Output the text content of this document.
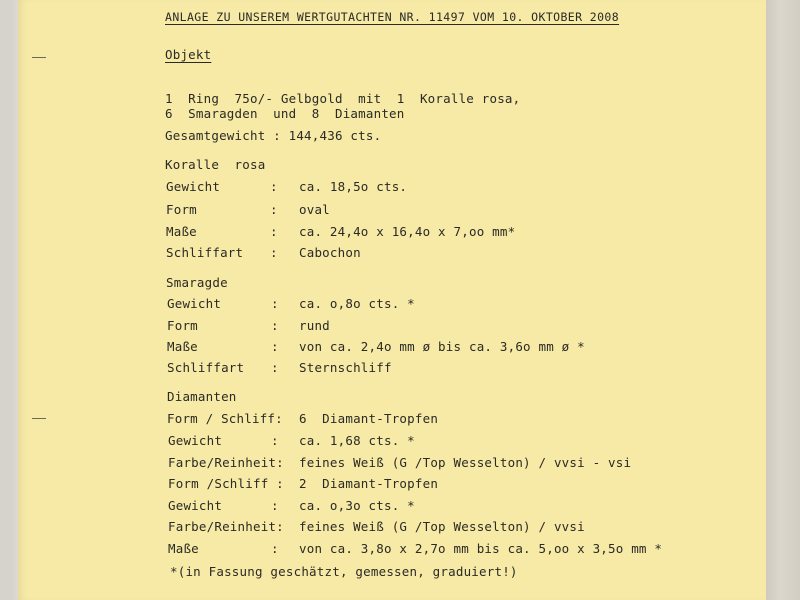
ANLAGE ZU UNSEREM WERTGUTACHTEN NR. 11497 VOM 10. OKTOBER 2008
Objekt
1  Ring  75o/- Gelbgold  mit  1  Koralle rosa,
6  Smaragden  und  8  Diamanten
Gesamtgewicht : 144,436 cts.
Koralle  rosa
Gewicht	: ca. 18,5o cts.
Form	: oval
Maße	: ca. 24,4o x 16,4o x 7,oo mm*
Schliffart : Cabochon
Smaragde
Gewicht	: ca. o,8o cts. *
Form	: rund
Maße	: von ca. 2,4o mm ø bis ca. 3,6o mm ø *
Schliffart : Sternschliff
Diamanten
Form / Schliff: 6  Diamant-Tropfen
Gewicht	: ca. 1,68 cts. *
Farbe/Reinheit: feines Weiß (G /Top Wesselton) / vvsi - vsi
Form /Schliff : 2  Diamant-Tropfen
Gewicht	: ca. o,3o cts. *
Farbe/Reinheit: feines Weiß (G /Top Wesselton) / vvsi
Maße	: von ca. 3,8o x 2,7o mm bis ca. 5,oo x 3,5o mm *
*(in Fassung geschätzt, gemessen, graduiert!)
